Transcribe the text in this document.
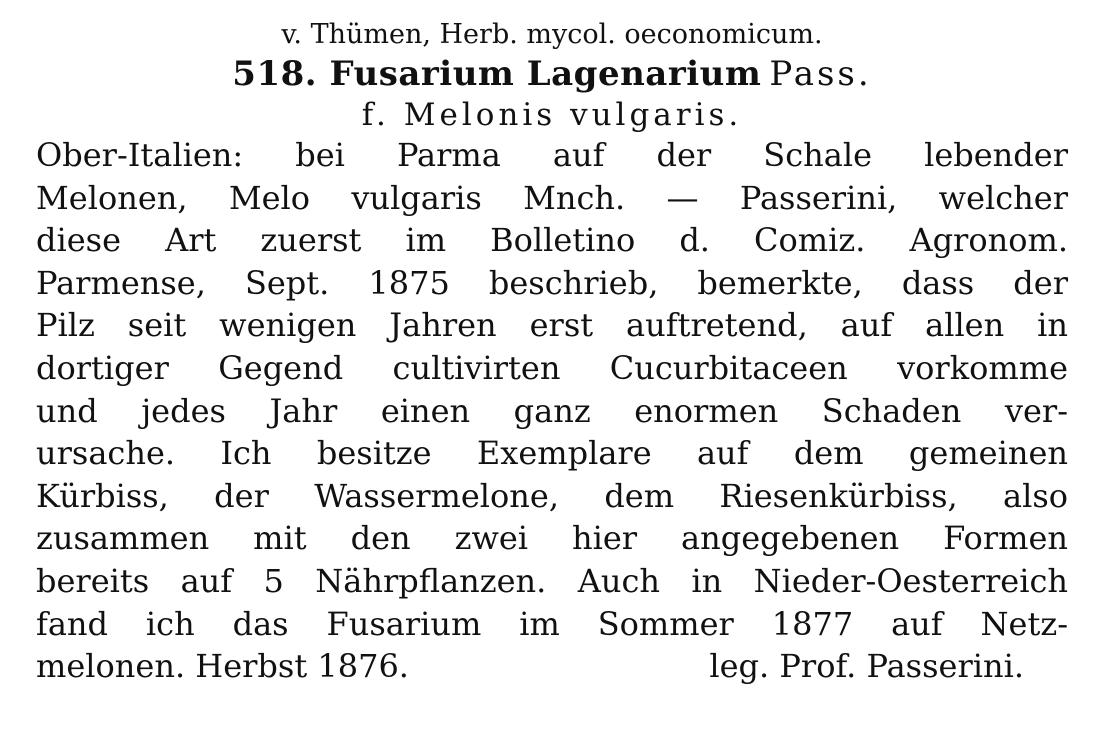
v. Thümen, Herb. mycol. oeconomicum.
518. Fusarium Lagenarium Pass.
f. Melonis vulgaris.
Ober-Italien: bei Parma auf der Schale lebender
Melonen, Melo vulgaris Mnch. — Passerini, welcher
diese Art zuerst im Bolletino d. Comiz. Agronom.
Parmense, Sept. 1875 beschrieb, bemerkte, dass der
Pilz seit wenigen Jahren erst auftretend, auf allen in
dortiger Gegend cultivirten Cucurbitaceen vorkomme
und jedes Jahr einen ganz enormen Schaden ver-
ursache. Ich besitze Exemplare auf dem gemeinen
Kürbiss, der Wassermelone, dem Riesenkürbiss, also
zusammen mit den zwei hier angegebenen Formen
bereits auf 5 Nährpflanzen. Auch in Nieder-Oesterreich
fand ich das Fusarium im Sommer 1877 auf Netz-
melonen. Herbst 1876.	leg. Prof. Passerini.
